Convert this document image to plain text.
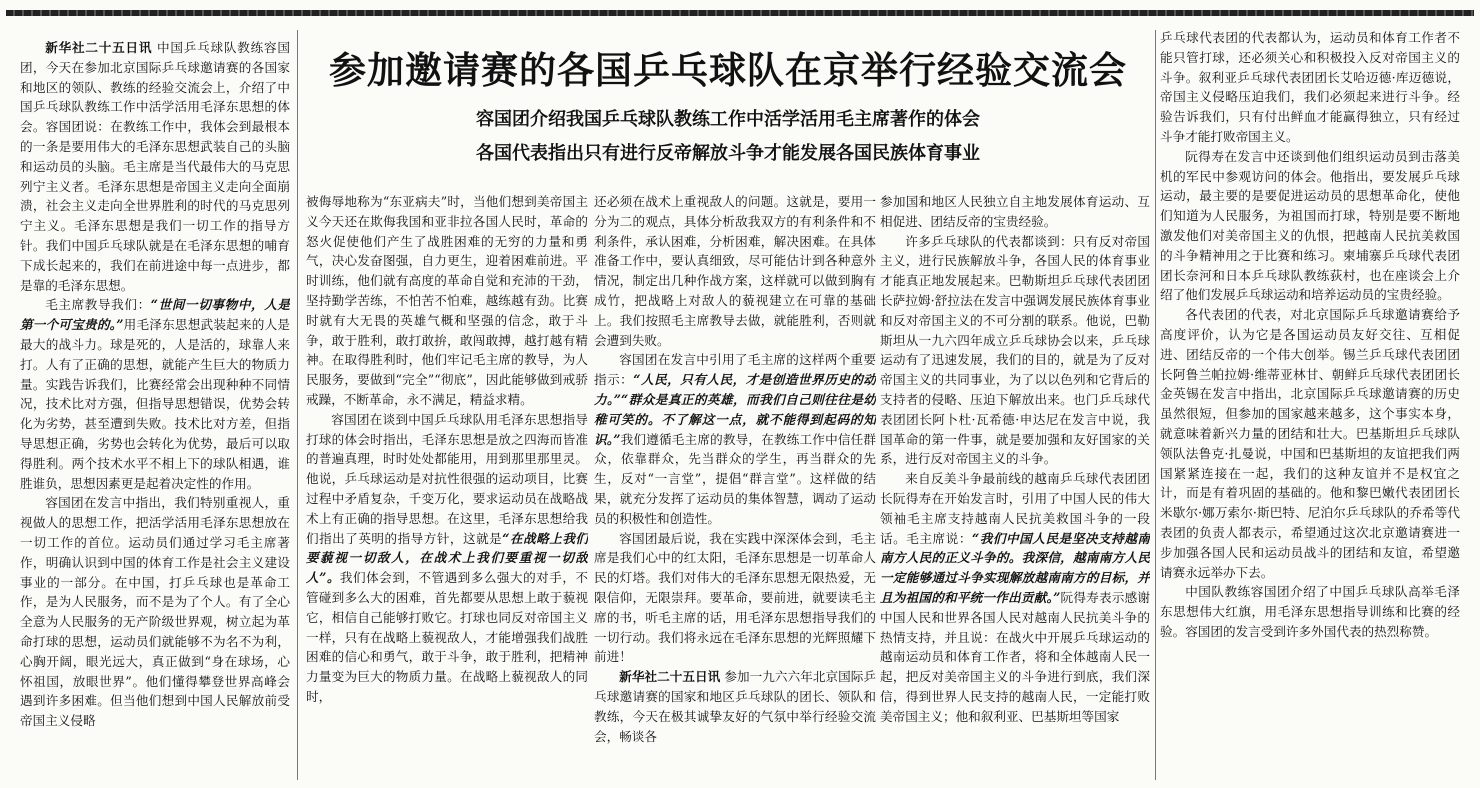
新华社二十五日讯 中国乒乓球队教练容国团，今天在参加北京国际乒乓球邀请赛的各国家和地区的领队、教练的经验交流会上，介绍了中国乒乓球队教练工作中活学活用毛泽东思想的体会。容国团说：在教练工作中，我体会到最根本的一条是要用伟大的毛泽东思想武装自己的头脑和运动员的头脑。毛主席是当代最伟大的马克思列宁主义者。毛泽东思想是帝国主义走向全面崩溃，社会主义走向全世界胜利的时代的马克思列宁主义。毛泽东思想是我们一切工作的指导方针。我们中国乒乓球队就是在毛泽东思想的哺育下成长起来的，我们在前进途中每一点进步，都是靠的毛泽东思想。

毛主席教导我们：“世间一切事物中，人是第一个可宝贵的。”用毛泽东思想武装起来的人是最大的战斗力。球是死的，人是活的，球靠人来打。人有了正确的思想，就能产生巨大的物质力量。实践告诉我们，比赛经常会出现种种不同情况，技术比对方强，但指导思想错误，优势会转化为劣势，甚至遭到失败。技术比对方差，但指导思想正确，劣势也会转化为优势，最后可以取得胜利。两个技术水平不相上下的球队相遇，谁胜谁负，思想因素更是起着决定性的作用。

容国团在发言中指出，我们特别重视人，重视做人的思想工作，把活学活用毛泽东思想放在一切工作的首位。运动员们通过学习毛主席著作，明确认识到中国的体育工作是社会主义建设事业的一部分。在中国，打乒乓球也是革命工作，是为人民服务，而不是为了个人。有了全心全意为人民服务的无产阶级世界观，树立起为革命打球的思想，运动员们就能够不为名不为利，心胸开阔，眼光远大，真正做到“身在球场，心怀祖国，放眼世界”。他们懂得攀登世界高峰会遇到许多困难。但当他们想到中国人民解放前受帝国主义侵略

参加邀请赛的各国乒乓球队在京举行经验交流会
容国团介绍我国乒乓球队教练工作中活学活用毛主席著作的体会
各国代表指出只有进行反帝解放斗争才能发展各国民族体育事业

被侮辱地称为“东亚病夫”时，当他们想到美帝国主义今天还在欺侮我国和亚非拉各国人民时，革命的怒火促使他们产生了战胜困难的无穷的力量和勇气，决心发奋图强，自力更生，迎着困难前进。平时训练，他们就有高度的革命自觉和充沛的干劲，坚持勤学苦练，不怕苦不怕难，越练越有劲。比赛时就有大无畏的英雄气概和坚强的信念，敢于斗争，敢于胜利，敢打敢拚，敢闯敢搏，越打越有精神。在取得胜利时，他们牢记毛主席的教导，为人民服务，要做到“完全”“彻底”，因此能够做到戒骄戒躁，不断革命，永不满足，精益求精。

容国团在谈到中国乒乓球队用毛泽东思想指导打球的体会时指出，毛泽东思想是放之四海而皆准的普遍真理，时时处处都能用，用到那里那里灵。他说，乒乓球运动是对抗性很强的运动项目，比赛过程中矛盾复杂，千变万化，要求运动员在战略战术上有正确的指导思想。在这里，毛泽东思想给我们指出了英明的指导方针，这就是“在战略上我们要藐视一切敌人，在战术上我们要重视一切敌人”。我们体会到，不管遇到多么强大的对手，不管碰到多么大的困难，首先都要从思想上敢于藐视它，相信自己能够打败它。打球也同反对帝国主义一样，只有在战略上藐视敌人，才能增强我们战胜困难的信心和勇气，敢于斗争，敢于胜利，把精神力量变为巨大的物质力量。在战略上藐视敌人的同时，

还必须在战术上重视敌人的问题。这就是，要用一分为二的观点，具体分析敌我双方的有利条件和不利条件，承认困难，分析困难，解决困难。在具体准备工作中，要认真细致，尽可能估计到各种意外情况，制定出几种作战方案，这样就可以做到胸有成竹，把战略上对敌人的藐视建立在可靠的基础上。我们按照毛主席教导去做，就能胜利，否则就会遭到失败。

容国团在发言中引用了毛主席的这样两个重要指示：“人民，只有人民，才是创造世界历史的动力。”“群众是真正的英雄，而我们自己则往往是幼稚可笑的。不了解这一点，就不能得到起码的知识。”我们遵循毛主席的教导，在教练工作中信任群众，依靠群众，先当群众的学生，再当群众的先生，反对“一言堂”，提倡“群言堂”。这样做的结果，就充分发挥了运动员的集体智慧，调动了运动员的积极性和创造性。

容国团最后说，我在实践中深深体会到，毛主席是我们心中的红太阳，毛泽东思想是一切革命人民的灯塔。我们对伟大的毛泽东思想无限热爱，无限信仰，无限崇拜。要革命，要前进，就要读毛主席的书，听毛主席的话，用毛泽东思想指导我们的一切行动。我们将永远在毛泽东思想的光辉照耀下前进！

新华社二十五日讯 参加一九六六年北京国际乒乓球邀请赛的国家和地区乒乓球队的团长、领队和教练，今天在极其诚挚友好的气氛中举行经验交流会，畅谈各

参加国和地区人民独立自主地发展体育运动、互相促进、团结反帝的宝贵经验。

许多乒乓球队的代表都谈到：只有反对帝国主义，进行民族解放斗争，各国人民的体育事业才能真正地发展起来。巴勒斯坦乒乓球代表团团长萨拉姆·舒拉法在发言中强调发展民族体育事业和反对帝国主义的不可分割的联系。他说，巴勒斯坦从一九六四年成立乒乓球协会以来，乒乓球运动有了迅速发展，我们的目的，就是为了反对帝国主义的共同事业，为了以以色列和它背后的支持者的侵略、压迫下解放出来。也门乒乓球代表团团长阿卜杜·瓦希德·申达尼在发言中说，我国革命的第一件事，就是要加强和友好国家的关系，进行反对帝国主义的斗争。

来自反美斗争最前线的越南乒乓球代表团团长阮得寿在开始发言时，引用了中国人民的伟大领袖毛主席支持越南人民抗美救国斗争的一段话。毛主席说：“我们中国人民是坚决支持越南南方人民的正义斗争的。我深信，越南南方人民一定能够通过斗争实现解放越南南方的目标，并且为祖国的和平统一作出贡献。”阮得寿表示感谢中国人民和世界各国人民对越南人民抗美斗争的热情支持，并且说：在战火中开展乒乓球运动的越南运动员和体育工作者，将和全体越南人民一起，把反对美帝国主义的斗争进行到底，我们深信，得到世界人民支持的越南人民，一定能打败美帝国主义；他和叙利亚、巴基斯坦等国家

乒乓球代表团的代表都认为，运动员和体育工作者不能只管打球，还必须关心和积极投入反对帝国主义的斗争。叙利亚乒乓球代表团团长艾哈迈德·库迈德说，帝国主义侵略压迫我们，我们必须起来进行斗争。经验告诉我们，只有付出鲜血才能赢得独立，只有经过斗争才能打败帝国主义。

阮得寿在发言中还谈到他们组织运动员到击落美机的军民中参观访问的体会。他指出，要发展乒乓球运动，最主要的是要促进运动员的思想革命化，使他们知道为人民服务，为祖国而打球，特别是要不断地激发他们对美帝国主义的仇恨，把越南人民抗美救国的斗争精神用之于比赛和练习。柬埔寨乒乓球代表团团长奈河和日本乒乓球队教练荻村，也在座谈会上介绍了他们发展乒乓球运动和培养运动员的宝贵经验。

各代表团的代表，对北京国际乒乓球邀请赛给予高度评价，认为它是各国运动员友好交往、互相促进、团结反帝的一个伟大创举。锡兰乒乓球代表团团长阿鲁兰帕拉姆·维蒂亚林甘、朝鲜乒乓球代表团团长金英锡在发言中指出，北京国际乒乓球邀请赛的历史虽然很短，但参加的国家越来越多，这个事实本身，就意味着新兴力量的团结和壮大。巴基斯坦乒乓球队领队法鲁克·扎曼说，中国和巴基斯坦的友谊把我们两国紧紧连接在一起，我们的这种友谊并不是权宜之计，而是有着巩固的基础的。他和黎巴嫩代表团团长米歇尔·娜万索尔·斯巴特、尼泊尔乒乓球队的乔希等代表团的负责人都表示，希望通过这次北京邀请赛进一步加强各国人民和运动员战斗的团结和友谊，希望邀请赛永远举办下去。

中国队教练容国团介绍了中国乒乓球队高举毛泽东思想伟大红旗，用毛泽东思想指导训练和比赛的经验。容国团的发言受到许多外国代表的热烈称赞。
